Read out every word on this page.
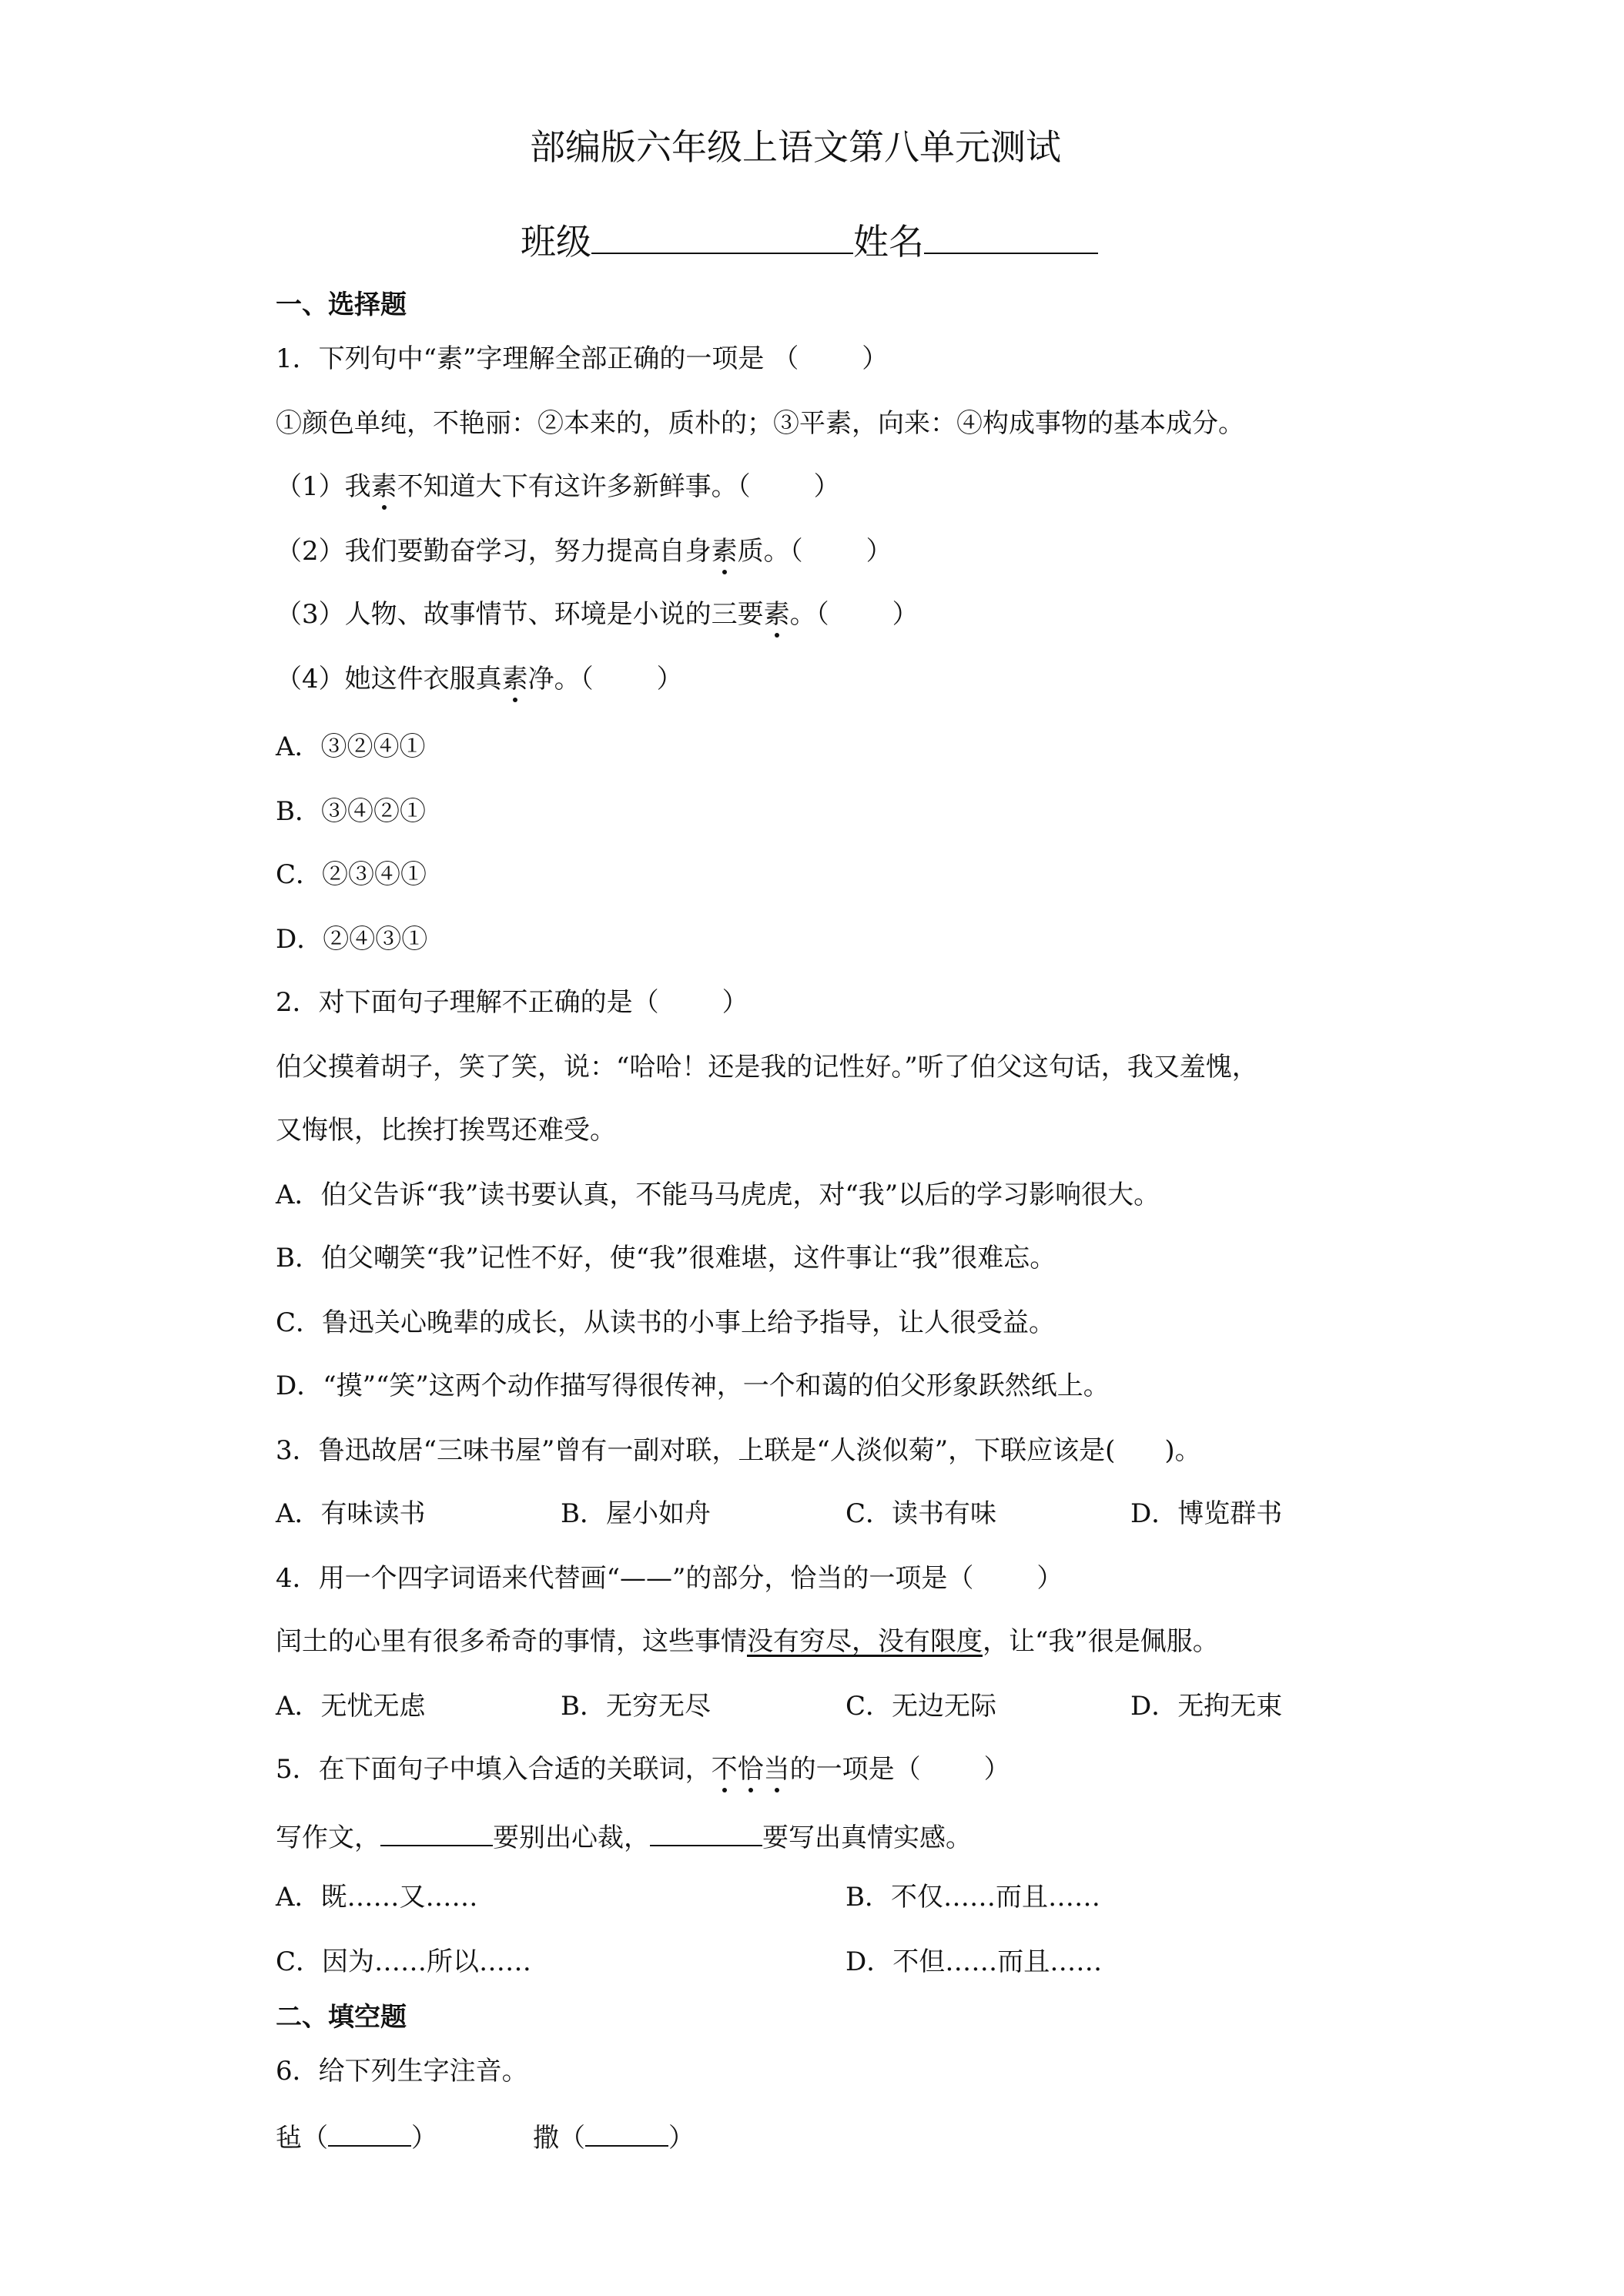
部编版六年级上语文第八单元测试
班级	姓名
一、选择题
1．下列句中“素”字理解全部正确的一项是 （ ）
①颜色单纯，不艳丽：②本来的，质朴的；③平素，向来：④构成事物的基本成分。
（1）我素不知道大下有这许多新鲜事。（ ）
（2）我们要勤奋学习，努力提高自身素质。（ ）
（3）人物、故事情节、环境是小说的三要素。（ ）
（4）她这件衣服真素净。（ ）
A．③②④①
B．③④②①
C．②③④①
D．②④③①
2．对下面句子理解不正确的是（ ）
伯父摸着胡子，笑了笑，说：“哈哈！还是我的记性好。”听了伯父这句话，我又羞愧，
又悔恨，比挨打挨骂还难受。
A．伯父告诉“我”读书要认真，不能马马虎虎，对“我”以后的学习影响很大。
B．伯父嘲笑“我”记性不好，使“我”很难堪，这件事让“我”很难忘。
C．鲁迅关心晚辈的成长，从读书的小事上给予指导，让人很受益。
D．“摸”“笑”这两个动作描写得很传神，一个和蔼的伯父形象跃然纸上。
3．鲁迅故居“三味书屋”曾有一副对联，上联是“人淡似菊”，下联应该是( )。
A．有味读书	B．屋小如舟	C．读书有味	D．博览群书
4．用一个四字词语来代替画“——”的部分，恰当的一项是（ ）
闰土的心里有很多希奇的事情，这些事情没有穷尽，没有限度，让“我”很是佩服。
A．无忧无虑	B．无穷无尽	C．无边无际	D．无拘无束
5．在下面句子中填入合适的关联词，不恰当的一项是（ ）
写作文，	要别出心裁，	要写出真情实感。
A．既……又……	B．不仅……而且……
C．因为……所以……	D．不但……而且……
二、填空题
6．给下列生字注音。
毡（	）	撒（	）
